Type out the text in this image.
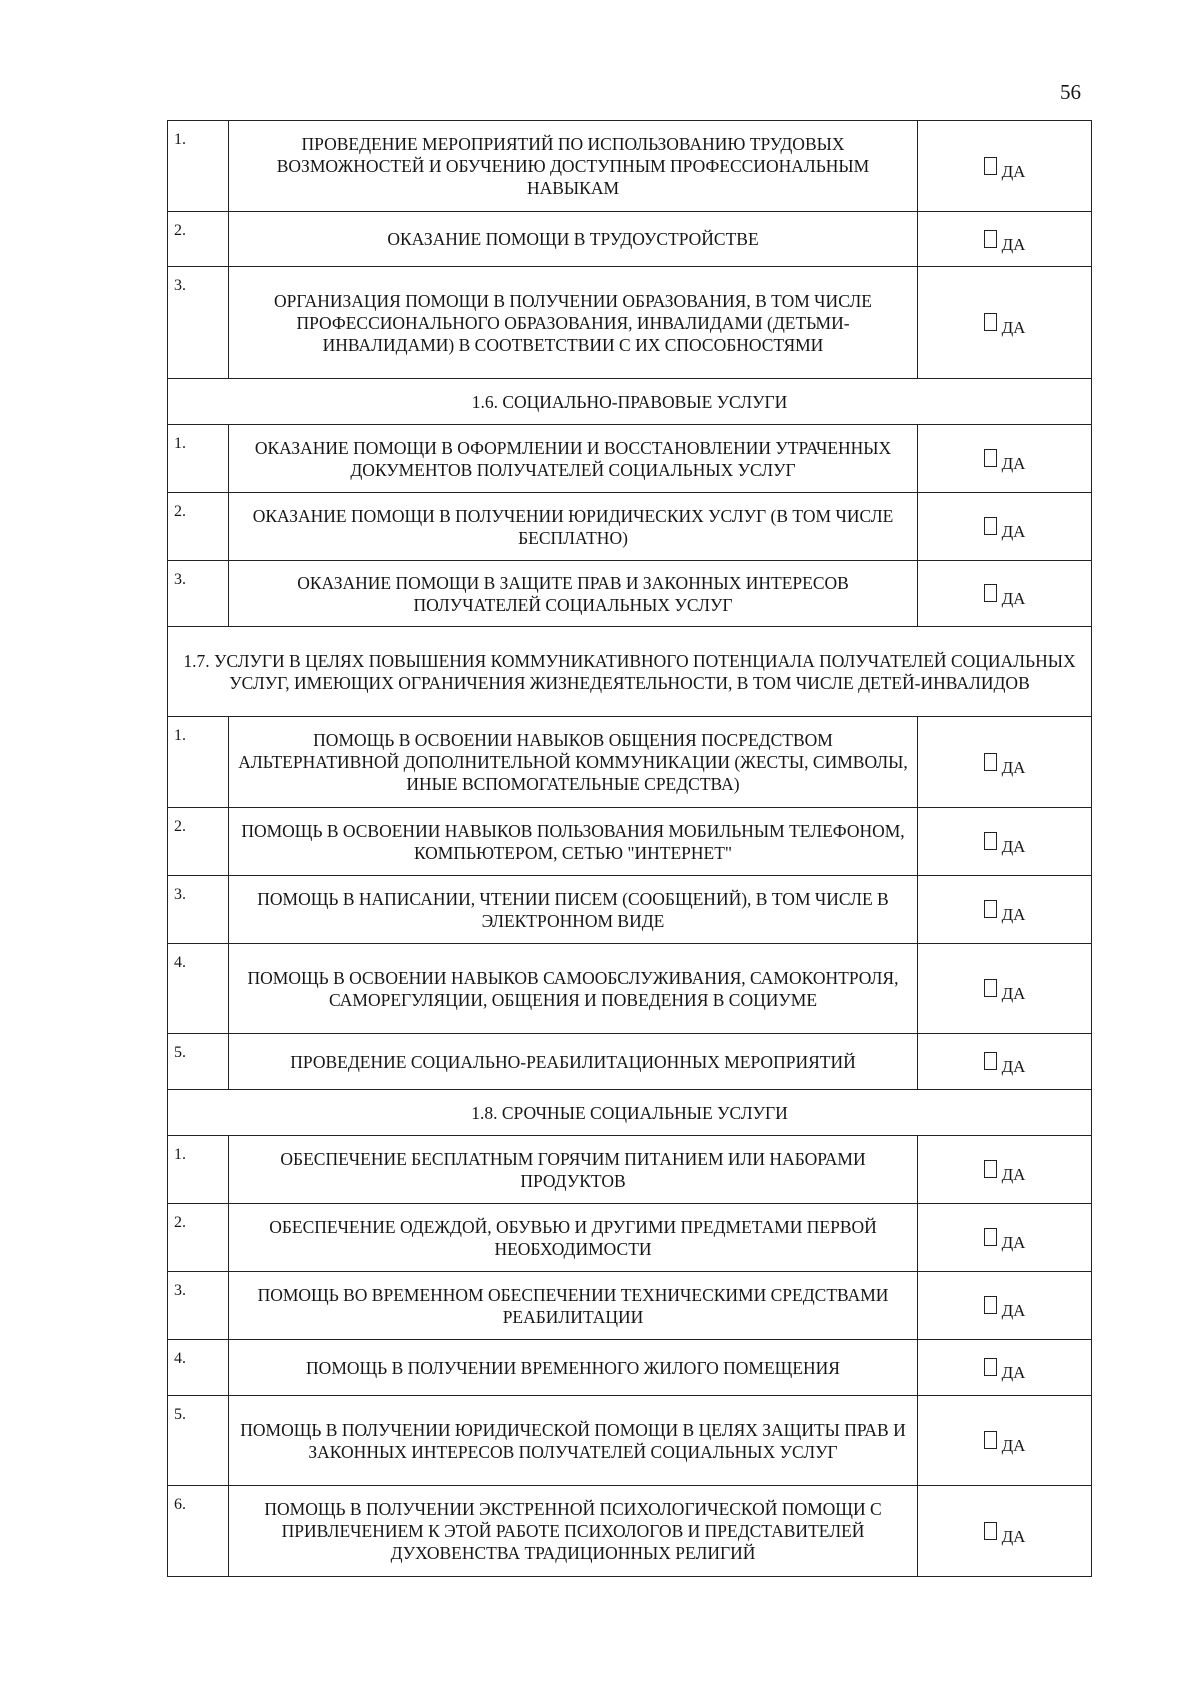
56
1.	ПРОВЕДЕНИЕ МЕРОПРИЯТИЙ ПО ИСПОЛЬЗОВАНИЮ ТРУДОВЫХ ВОЗМОЖНОСТЕЙ И ОБУЧЕНИЮ ДОСТУПНЫМ ПРОФЕССИОНАЛЬНЫМ НАВЫКАМ	ДА

2.	ОКАЗАНИЕ ПОМОЩИ В ТРУДОУСТРОЙСТВЕ	ДА

3.	ОРГАНИЗАЦИЯ ПОМОЩИ В ПОЛУЧЕНИИ ОБРАЗОВАНИЯ, В ТОМ ЧИСЛЕ ПРОФЕССИОНАЛЬНОГО ОБРАЗОВАНИЯ, ИНВАЛИДАМИ (ДЕТЬМИ-ИНВАЛИДАМИ) В СООТВЕТСТВИИ С ИХ СПОСОБНОСТЯМИ	ДА

1.6. СОЦИАЛЬНО-ПРАВОВЫЕ УСЛУГИ		
1.	ОКАЗАНИЕ ПОМОЩИ В ОФОРМЛЕНИИ И ВОССТАНОВЛЕНИИ УТРАЧЕННЫХ ДОКУМЕНТОВ ПОЛУЧАТЕЛЕЙ СОЦИАЛЬНЫХ УСЛУГ	ДА

2.	ОКАЗАНИЕ ПОМОЩИ В ПОЛУЧЕНИИ ЮРИДИЧЕСКИХ УСЛУГ (В ТОМ ЧИСЛЕ БЕСПЛАТНО)	ДА

3.	ОКАЗАНИЕ ПОМОЩИ В ЗАЩИТЕ ПРАВ И ЗАКОННЫХ ИНТЕРЕСОВ ПОЛУЧАТЕЛЕЙ СОЦИАЛЬНЫХ УСЛУГ	ДА

1.7. УСЛУГИ В ЦЕЛЯХ ПОВЫШЕНИЯ КОММУНИКАТИВНОГО ПОТЕНЦИАЛА ПОЛУЧАТЕЛЕЙ СОЦИАЛЬНЫХ УСЛУГ, ИМЕЮЩИХ ОГРАНИЧЕНИЯ ЖИЗНЕДЕЯТЕЛЬНОСТИ, В ТОМ ЧИСЛЕ ДЕТЕЙ-ИНВАЛИДОВ		
1.	ПОМОЩЬ В ОСВОЕНИИ НАВЫКОВ ОБЩЕНИЯ ПОСРЕДСТВОМ АЛЬТЕРНАТИВНОЙ ДОПОЛНИТЕЛЬНОЙ КОММУНИКАЦИИ (ЖЕСТЫ, СИМВОЛЫ, ИНЫЕ ВСПОМОГАТЕЛЬНЫЕ СРЕДСТВА)	ДА

2.	ПОМОЩЬ В ОСВОЕНИИ НАВЫКОВ ПОЛЬЗОВАНИЯ МОБИЛЬНЫМ ТЕЛЕФОНОМ, КОМПЬЮТЕРОМ, СЕТЬЮ "ИНТЕРНЕТ"	ДА

3.	ПОМОЩЬ В НАПИСАНИИ, ЧТЕНИИ ПИСЕМ (СООБЩЕНИЙ), В ТОМ ЧИСЛЕ В ЭЛЕКТРОННОМ ВИДЕ	ДА

4.	ПОМОЩЬ В ОСВОЕНИИ НАВЫКОВ САМООБСЛУЖИВАНИЯ, САМОКОНТРОЛЯ, САМОРЕГУЛЯЦИИ, ОБЩЕНИЯ И ПОВЕДЕНИЯ В СОЦИУМЕ	ДА

5.	ПРОВЕДЕНИЕ СОЦИАЛЬНО-РЕАБИЛИТАЦИОННЫХ МЕРОПРИЯТИЙ	ДА

1.8. СРОЧНЫЕ СОЦИАЛЬНЫЕ УСЛУГИ		
1.	ОБЕСПЕЧЕНИЕ БЕСПЛАТНЫМ ГОРЯЧИМ ПИТАНИЕМ ИЛИ НАБОРАМИ ПРОДУКТОВ	ДА

2.	ОБЕСПЕЧЕНИЕ ОДЕЖДОЙ, ОБУВЬЮ И ДРУГИМИ ПРЕДМЕТАМИ ПЕРВОЙ НЕОБХОДИМОСТИ	ДА

3.	ПОМОЩЬ ВО ВРЕМЕННОМ ОБЕСПЕЧЕНИИ ТЕХНИЧЕСКИМИ СРЕДСТВАМИ РЕАБИЛИТАЦИИ	ДА

4.	ПОМОЩЬ В ПОЛУЧЕНИИ ВРЕМЕННОГО ЖИЛОГО ПОМЕЩЕНИЯ	ДА

5.	ПОМОЩЬ В ПОЛУЧЕНИИ ЮРИДИЧЕСКОЙ ПОМОЩИ В ЦЕЛЯХ ЗАЩИТЫ ПРАВ И ЗАКОННЫХ ИНТЕРЕСОВ ПОЛУЧАТЕЛЕЙ СОЦИАЛЬНЫХ УСЛУГ	ДА

6.	ПОМОЩЬ В ПОЛУЧЕНИИ ЭКСТРЕННОЙ ПСИХОЛОГИЧЕСКОЙ ПОМОЩИ С ПРИВЛЕЧЕНИЕМ К ЭТОЙ РАБОТЕ ПСИХОЛОГОВ И ПРЕДСТАВИТЕЛЕЙ ДУХОВЕНСТВА ТРАДИЦИОННЫХ РЕЛИГИЙ	ДА
